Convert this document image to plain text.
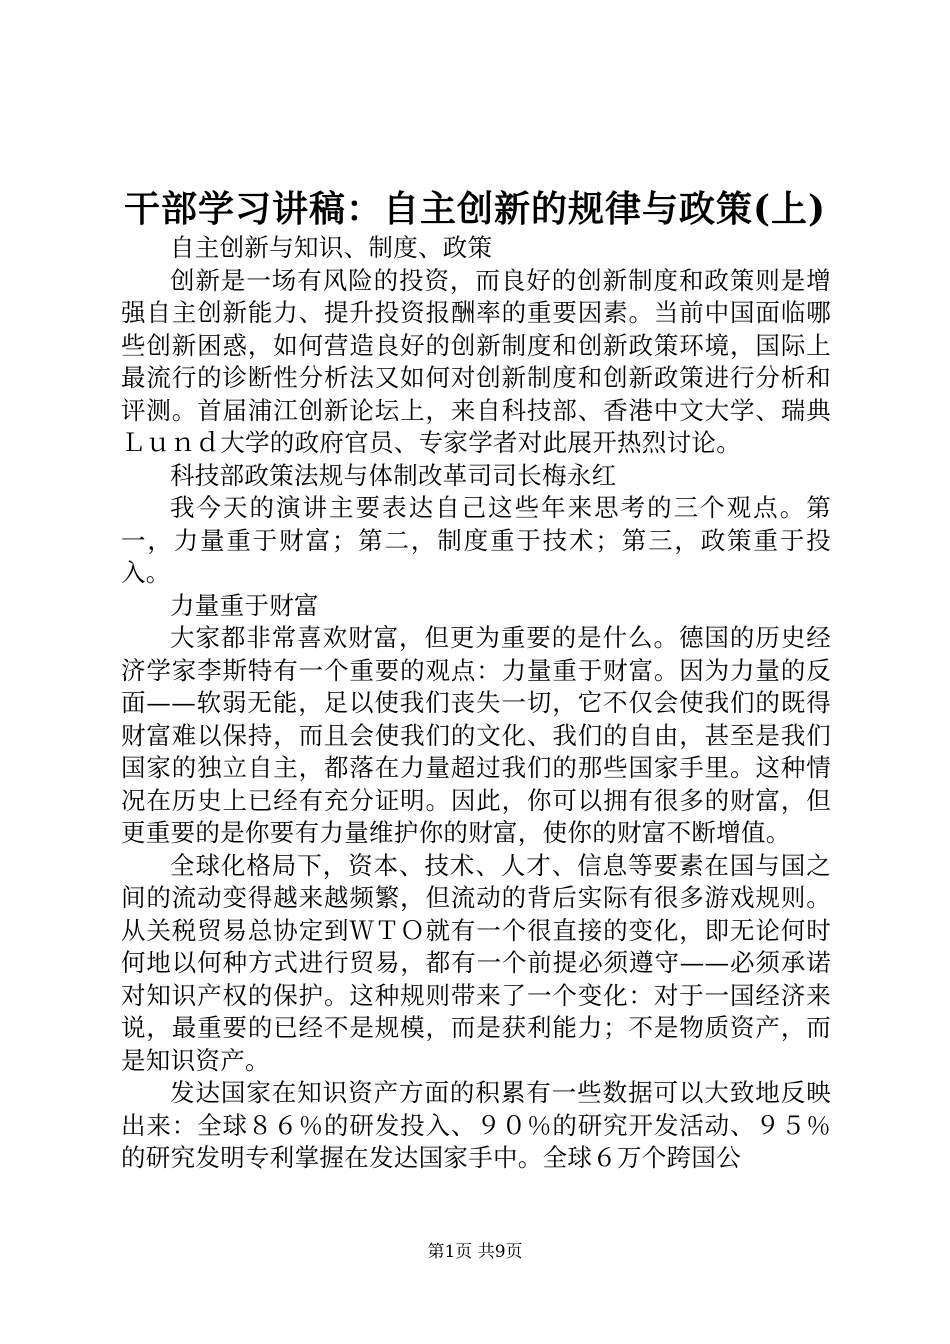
干部学习讲稿：自主创新的规律与政策(上)

自主创新与知识、制度、政策

创新是一场有风险的投资，而良好的创新制度和政策则是增强自主创新能力、提升投资报酬率的重要因素。当前中国面临哪些创新困惑，如何营造良好的创新制度和创新政策环境，国际上最流行的诊断性分析法又如何对创新制度和创新政策进行分析和评测。首届浦江创新论坛上，来自科技部、香港中文大学、瑞典Ｌｕｎｄ大学的政府官员、专家学者对此展开热烈讨论。

科技部政策法规与体制改革司司长梅永红

我今天的演讲主要表达自己这些年来思考的三个观点。第一，力量重于财富；第二，制度重于技术；第三，政策重于投入。

力量重于财富

大家都非常喜欢财富，但更为重要的是什么。德国的历史经济学家李斯特有一个重要的观点：力量重于财富。因为力量的反面——软弱无能，足以使我们丧失一切，它不仅会使我们的既得财富难以保持，而且会使我们的文化、我们的自由，甚至是我们国家的独立自主，都落在力量超过我们的那些国家手里。这种情况在历史上已经有充分证明。因此，你可以拥有很多的财富，但更重要的是你要有力量维护你的财富，使你的财富不断增值。

全球化格局下，资本、技术、人才、信息等要素在国与国之间的流动变得越来越频繁，但流动的背后实际有很多游戏规则。从关税贸易总协定到ＷＴＯ就有一个很直接的变化，即无论何时何地以何种方式进行贸易，都有一个前提必须遵守——必须承诺对知识产权的保护。这种规则带来了一个变化：对于一国经济来说，最重要的已经不是规模，而是获利能力；不是物质资产，而是知识资产。

发达国家在知识资产方面的积累有一些数据可以大致地反映出来：全球８６％的研发投入、９０％的研究开发活动、９５％的研究发明专利掌握在发达国家手中。全球６万个跨国公

第1页 共9页
